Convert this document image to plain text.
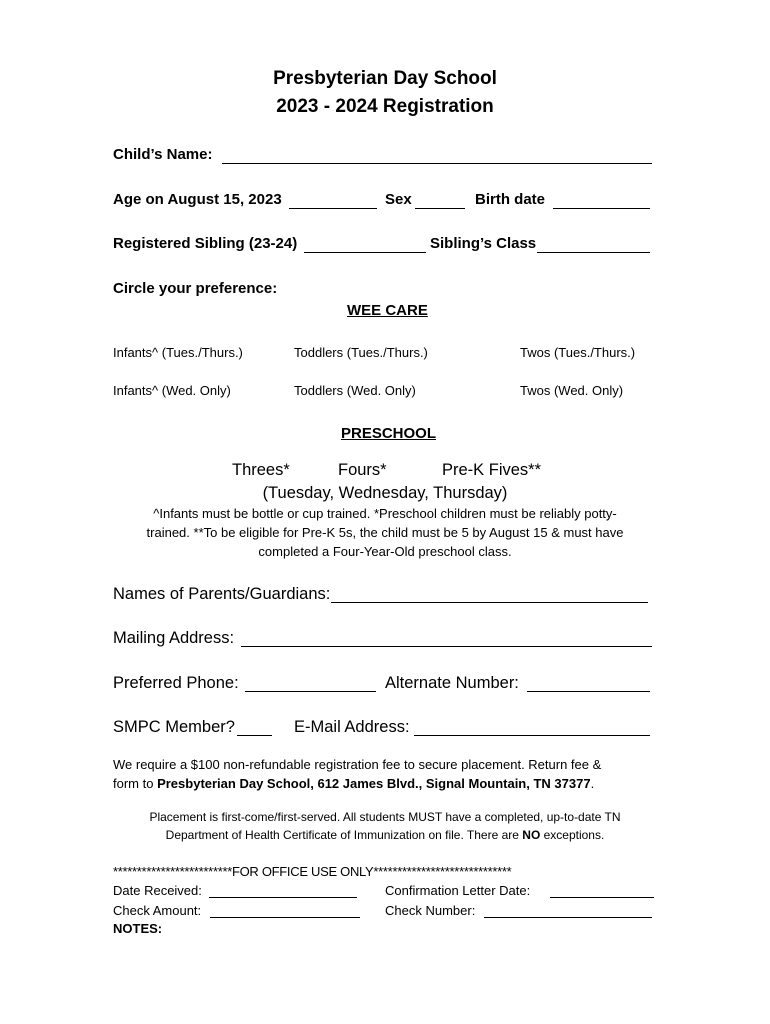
Presbyterian Day School
2023 - 2024 Registration
Child’s Name:
Age on August 15, 2023	Sex	Birth date
Registered Sibling (23-24)	Sibling’s Class
Circle your preference:
WEE CARE
Infants^ (Tues./Thurs.)	Toddlers (Tues./Thurs.)	Twos (Tues./Thurs.)
Infants^ (Wed. Only)	Toddlers (Wed. Only)	Twos (Wed. Only)
PRESCHOOL
Threes*	Fours*	Pre-K Fives**
(Tuesday, Wednesday, Thursday)
^Infants must be bottle or cup trained. *Preschool children must be reliably potty-
trained. **To be eligible for Pre-K 5s, the child must be 5 by August 15 & must have
completed a Four-Year-Old preschool class.
Names of Parents/Guardians:
Mailing Address:
Preferred Phone:	Alternate Number:
SMPC Member?	E-Mail Address:
We require a $100 non-refundable registration fee to secure placement. Return fee &
form to Presbyterian Day School, 612 James Blvd., Signal Mountain, TN 37377.
Placement is first-come/first-served. All students MUST have a completed, up-to-date TN
Department of Health Certificate of Immunization on file. There are NO exceptions.
*************************FOR OFFICE USE ONLY*****************************
Date Received:	Confirmation Letter Date:
Check Amount:	Check Number:
NOTES:
